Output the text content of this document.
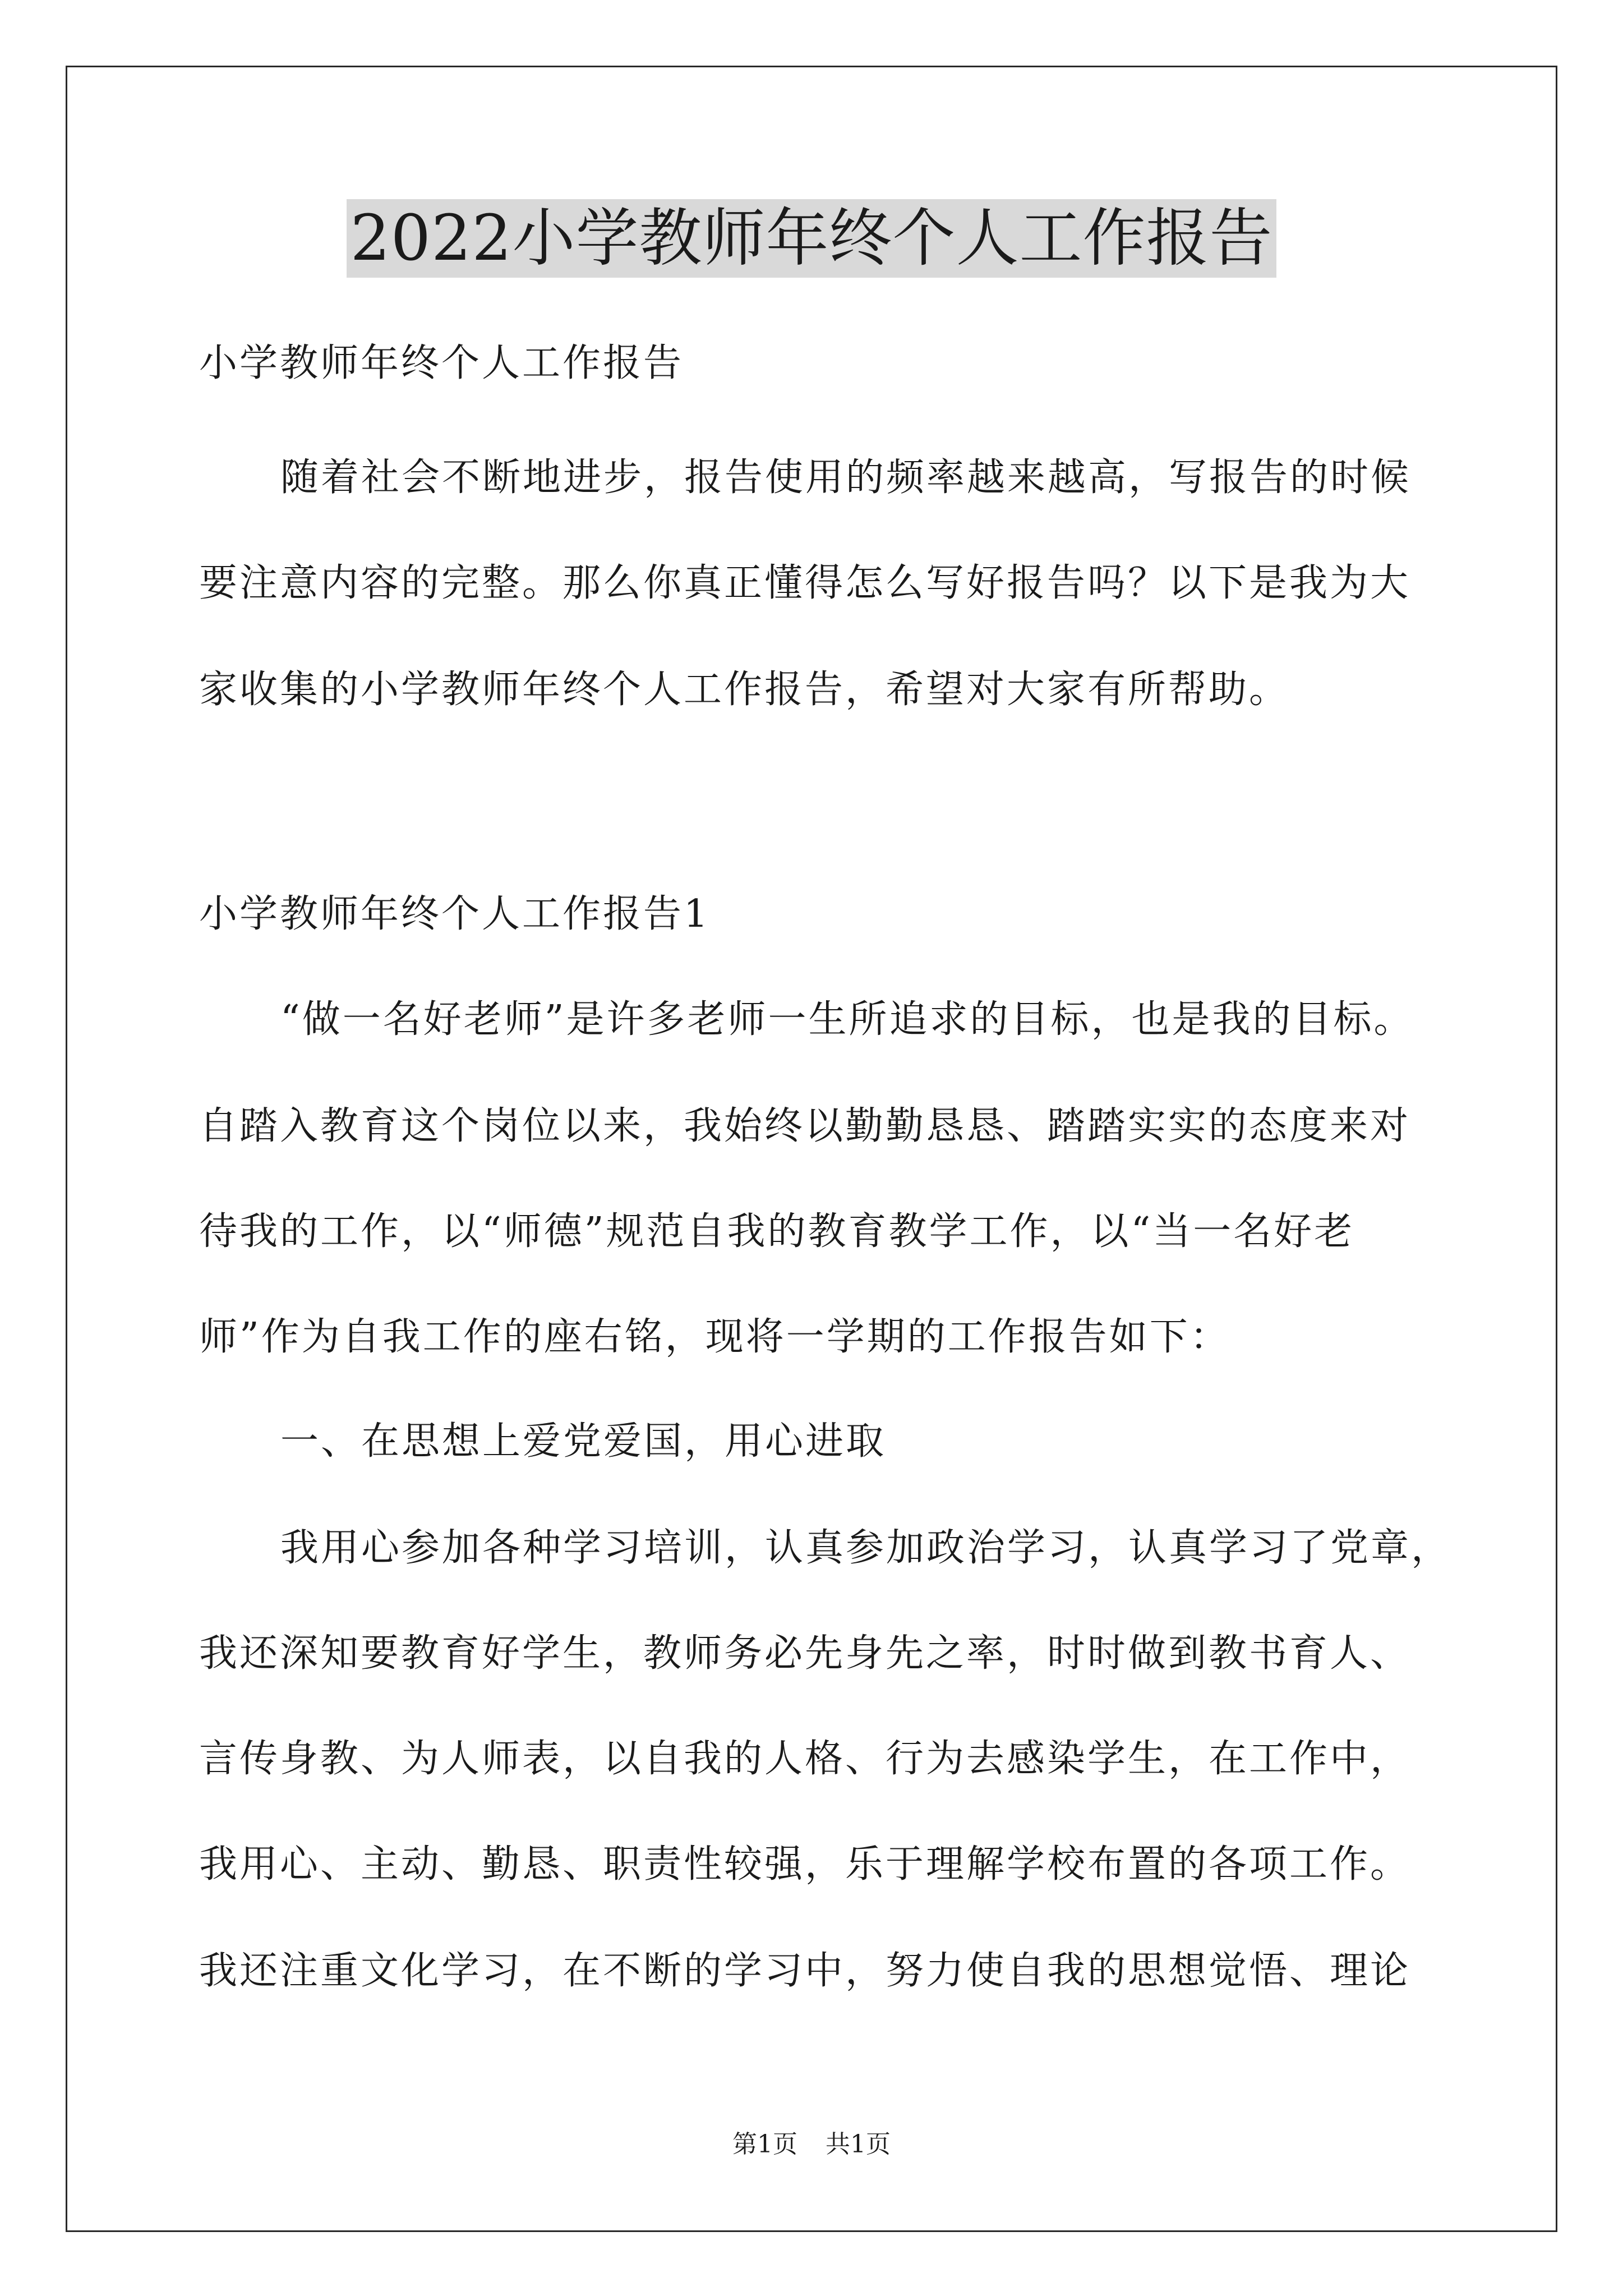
2022小学教师年终个人工作报告
小学教师年终个人工作报告
随着社会不断地进步，报告使用的频率越来越高，写报告的时候
要注意内容的完整。那么你真正懂得怎么写好报告吗？以下是我为大
家收集的小学教师年终个人工作报告，希望对大家有所帮助。
小学教师年终个人工作报告1
“做一名好老师”是许多老师一生所追求的目标，也是我的目标。
自踏入教育这个岗位以来，我始终以勤勤恳恳、踏踏实实的态度来对
待我的工作，以“师德”规范自我的教育教学工作，以“当一名好老
师”作为自我工作的座右铭，现将一学期的工作报告如下：
一、在思想上爱党爱国，用心进取
我用心参加各种学习培训，认真参加政治学习，认真学习了党章，
我还深知要教育好学生，教师务必先身先之率，时时做到教书育人、
言传身教、为人师表，以自我的人格、行为去感染学生，在工作中，
我用心、主动、勤恳、职责性较强，乐于理解学校布置的各项工作。
我还注重文化学习，在不断的学习中，努力使自我的思想觉悟、理论
第1页 共1页
